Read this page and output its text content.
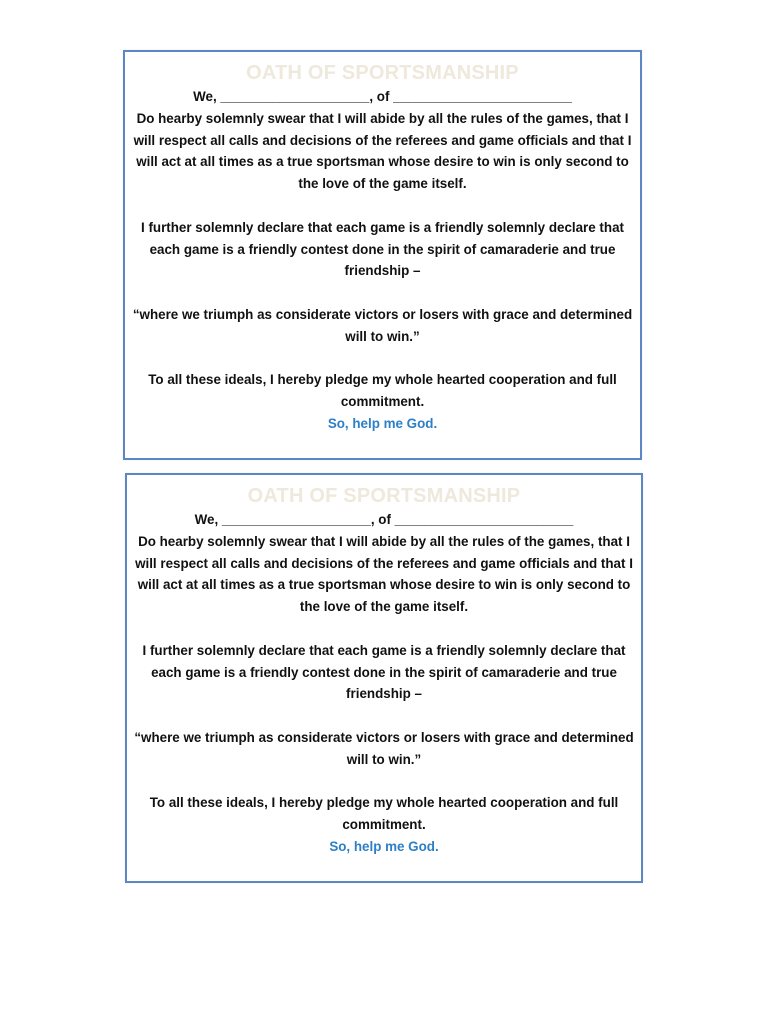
OATH OF SPORTSMANSHIP

We, ____________________, of ________________________

Do hearby solemnly swear that I will abide by all the rules of the games, that I will respect all calls and decisions of the referees and game officials and that I will act at all times as a true sportsman whose desire to win is only second to the love of the game itself.

I further solemnly declare that each game is a friendly solemnly declare that each game is a friendly contest done in the spirit of camaraderie and true friendship –

“where we triumph as considerate victors or losers with grace and determined will to win.”

To all these ideals, I hereby pledge my whole hearted cooperation and full commitment.

So, help me God.

OATH OF SPORTSMANSHIP

We, ____________________, of ________________________

Do hearby solemnly swear that I will abide by all the rules of the games, that I will respect all calls and decisions of the referees and game officials and that I will act at all times as a true sportsman whose desire to win is only second to the love of the game itself.

I further solemnly declare that each game is a friendly solemnly declare that each game is a friendly contest done in the spirit of camaraderie and true friendship –

“where we triumph as considerate victors or losers with grace and determined will to win.”

To all these ideals, I hereby pledge my whole hearted cooperation and full commitment.

So, help me God.
